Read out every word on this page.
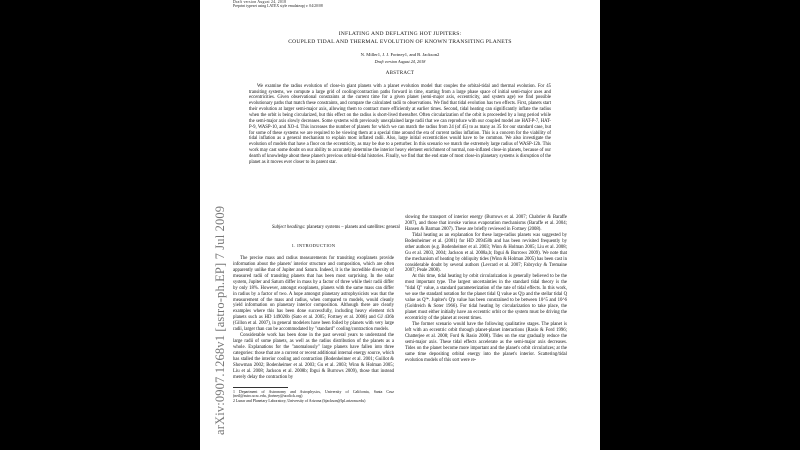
Draft version August 24, 2018
Preprint typeset using LATEX style emulateapj v. 04/20/08
INFLATING AND DEFLATING HOT JUPITERS:
COUPLED TIDAL AND THERMAL EVOLUTION OF KNOWN TRANSITING PLANETS
N. Miller1, J. J. Fortney1, and B. Jackson2
Draft version August 24, 2018
ABSTRACT

We examine the radius evolution of close-in giant planets with a planet evolution model that couples the orbital-tidal and thermal evolution. For 45 transiting systems, we compute a large grid of cooling/contraction paths forward in time, starting from a large phase space of initial semi-major axes and eccentricities. Given observational constraints at the current time for a given planet (semi-major axis, eccentricity, and system age) we find possible evolutionary paths that match these constraints, and compare the calculated radii to observations. We find that tidal evolution has two effects. First, planets start their evolution at larger semi-major axis, allowing them to contract more efficiently at earlier times. Second, tidal heating can significantly inflate the radius when the orbit is being circularized, but this effect on the radius is short-lived thereafter. Often circularization of the orbit is proceeded by a long period while the semi-major axis slowly decreases. Some systems with previously unexplained large radii that we can reproduce with our coupled model are HAT-P-7, HAT-P-9, WASP-10, and XO-4. This increases the number of planets for which we can match the radius from 24 (of 45) to as many as 35 for our standard case, but for some of these systems we are required to be viewing them at a special time around the era of current radius inflation. This is a concern for the viability of tidal inflation as a general mechanism to explain most inflated radii. Also, large initial eccentricities would have to be common. We also investigate the evolution of models that have a floor on the eccentricity, as may be due to a perturber. In this scenario we match the extremely large radius of WASP-12b. This work may cast some doubt on our ability to accurately determine the interior heavy element enrichment of normal, non-inflated close-in planets, because of our dearth of knowledge about these planet's previous orbital-tidal histories. Finally, we find that the end state of most close-in planetary systems is disruption of the planet as it moves ever closer to its parent star.

Subject headings: planetary systems – planets and satellites: general
1. INTRODUCTION

The precise mass and radius measurements for transiting exoplanets provide information about the planets' interior structure and composition, which are often apparently unlike that of Jupiter and Saturn. Indeed, it is the incredible diversity of measured radii of transiting planets that has been most surprising. In the solar system, Jupiter and Saturn differ in mass by a factor of three while their radii differ by only 18%. However, amongst exoplanets, planets with the same mass can differ in radius by a factor of two. A hope amongst planetary astrophysicists was that the measurement of the mass and radius, when compared to models, would cleanly yield information on planetary interior composition. Although there are clearly examples where this has been done successfully, including heavy element rich planets such as HD 149026b (Sato et al. 2005; Fortney et al. 2006) and GJ 436b (Gillon et al. 2007), in general modelers have been foiled by planets with very large radii, larger than can be accommodated by "standard" cooling/contraction models.

Considerable work has been done in the past several years to understand the large radii of some planets, as well as the radius distribution of the planets as a whole. Explanations for the "anomalously" large planets have fallen into three categories: those that are a current or recent additional internal energy source, which has stalled the interior cooling and contraction (Bodenheimer et al. 2001; Guillot & Showman 2002; Bodenheimer et al. 2003; Gu et al. 2003; Winn & Holman 2005; Liu et al. 2008; Jackson et al. 2008b; Ibgui & Burrows 2009), those that instead merely delay the contraction by

1 Department of Astronomy and Astrophysics, University of California, Santa Cruz (neil@astro.ucsc.edu, jfortney@ucolick.org)
2 Lunar and Planetary Laboratory, University of Arizona (bjackson@lpl.arizona.edu)

slowing the transport of interior energy (Burrows et al. 2007; Chabrier & Baraffe 2007), and those that invoke various evaporation mechanisms (Baraffe et al. 2004; Hansen & Barman 2007). These are briefly reviewed in Fortney (2008).

Tidal heating as an explanation for these large-radius planets was suggested by Bodenheimer et al. (2001) for HD 209458b and has been revisited frequently by other authors (e.g. Bodenheimer et al. 2003; Winn & Holman 2005; Liu et al. 2008; Gu et al. 2003, 2004; Jackson et al. 2008a,b; Ibgui & Burrows 2009). We note that the mechanism of heating by obliquity tides (Winn & Holman 2005) has been cast in considerable doubt by several authors (Levrard et al. 2007; Fabrycky & Tremaine 2007; Peale 2008).

At this time, tidal heating by orbit circularization is generally believed to be the most important type. The largest uncertainties in the standard tidal theory is the "tidal Q" value, a standard parameterization of the rate of tidal effects. In this work, we use the standard notation for the planet tidal Q value as Q'p and the stellar tidal Q value as Q'*. Jupiter's Q'p value has been constrained to be between 10^5 and 10^6 (Goldreich & Soter 1966). For tidal heating by circularization to take place, the planet must either initially have an eccentric orbit or the system must be driving the eccentricity of the planet at recent times.

The former scenario would have the following qualitative stages. The planet is left with an eccentric orbit through planet-planet interactions (Rasio & Ford 1996; Chatterjee et al. 2008; Ford & Rasio 2008). Tides on the star gradually reduce the semi-major axis. These tidal effects accelerate as the semi-major axis decreases. Tides on the planet become more important and the planet's orbit circularizes; at the same time depositing orbital energy into the planet's interior. Scattering/tidal evolution models of this sort were re-

arXiv:0907.1268v1 [astro-ph.EP] 7 Jul 2009
